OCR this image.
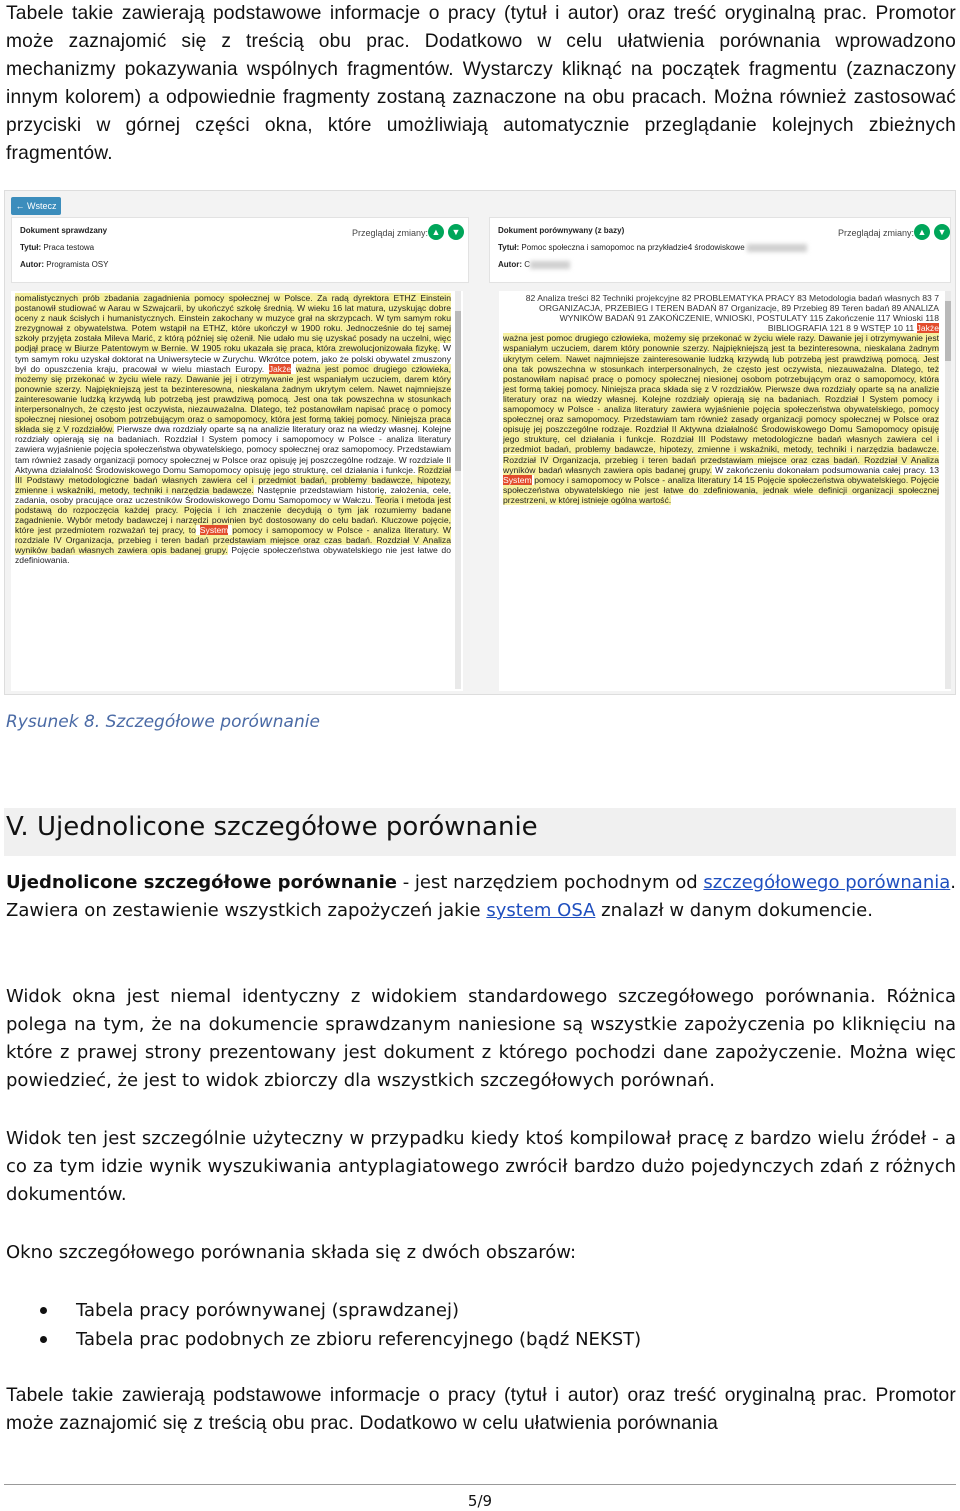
Tabele takie zawierają podstawowe informacje o pracy (tytuł i autor) oraz treść oryginalną prac. Promotor może zaznajomić się z treścią obu prac. Dodatkowo w celu ułatwienia porównania wprowadzono mechanizmy pokazywania wspólnych fragmentów. Wystarczy kliknąć na początek fragmentu (zaznaczony innym kolorem) a odpowiednie fragmenty zostaną zaznaczone na obu pracach. Można również zastosować przyciski w górnej części okna, które umożliwiają automatycznie przeglądanie kolejnych zbieżnych fragmentów.

← Wstecz
Dokument sprawdzany
Tytuł: Praca testowa
Autor: Programista OSY
Przeglądaj zmiany: ▲	▼	Dokument porównywany (z bazy)
Tytuł: Pomoc społeczna i samopomoc na przykładzie4 środowiskowe
Autor: C
Przeglądaj zmiany: ▲	▼
nomalistycznych prób zbadania zagadnienia pomocy społecznej w Polsce. Za radą dyrektora ETHZ Einstein postanowił studiować w Aarau w Szwajcarii, by ukończyć szkołę średnią. W wieku 16 lat matura, uzyskując dobre oceny z nauk ścisłych i humanistycznych. Einstein zakochany w muzyce grał na skrzypcach. W tym samym roku zrezygnował z obywatelstwa. Potem wstąpił na ETHZ, które ukończył w 1900 roku. Jednocześnie do tej samej szkoły przyjęta została Mileva Marić, z którą później się ożenił. Nie udało mu się uzyskać posady na uczelni, więc podjął pracę w Biurze Patentowym w Bernie. W 1905 roku ukazała się praca, która zrewolucjonizowała fizykę. W tym samym roku uzyskał doktorat na Uniwersytecie w Zurychu. Wkrótce potem, jako że polski obywatel zmuszony był do opuszczenia kraju, pracował w wielu miastach Europy. Jakże ważna jest pomoc drugiego człowieka, możemy się przekonać w życiu wiele razy. Dawanie jej i otrzymywanie jest wspaniałym uczuciem, darem który ponownie szerzy. Najpiękniejszą jest ta bezinteresowna, nieskalana żadnym ukrytym celem. Nawet najmniejsze zainteresowanie ludzką krzywdą lub potrzebą jest prawdziwą pomocą. Jest ona tak powszechna w stosunkach interpersonalnych, że często jest oczywista, niezauważalna. Dlatego, też postanowiłam napisać pracę o pomocy społecznej niesionej osobom potrzebującym oraz o samopomocy, która jest formą takiej pomocy. Niniejsza praca składa się z V rozdziałów. Pierwsze dwa rozdziały oparte są na analizie literatury oraz na wiedzy własnej. Kolejne rozdziały opierają się na badaniach. Rozdział I System pomocy i samopomocy w Polsce - analiza literatury zawiera wyjaśnienie pojęcia społeczeństwa obywatelskiego, pomocy społecznej oraz samopomocy. Przedstawiam tam również zasady organizacji pomocy społecznej w Polsce oraz opisuję jej poszczególne rodzaje. W rozdziale II Aktywna działalność Środowiskowego Domu Samopomocy opisuję jego strukturę, cel działania i funkcje. Rozdział III Podstawy metodologiczne badań własnych zawiera cel i przedmiot badań, problemy badawcze, hipotezy, zmienne i wskaźniki, metody, techniki i narzędzia badawcze. Następnie przedstawiam historię, założenia, cele, zadania, osoby pracujące oraz uczestników Środowiskowego Domu Samopomocy w Wałczu. Teoria i metoda jest podstawą do rozpoczęcia każdej pracy. Pojęcia i ich znaczenie decydują o tym jak rozumiemy badane zagadnienie. Wybór metody badawczej i narzędzi powinien być dostosowany do celu badań. Kluczowe pojęcie, które jest przedmiotem rozważań tej pracy, to System pomocy i samopomocy w Polsce - analiza literatury. W rozdziale IV Organizacja, przebieg i teren badań przedstawiam miejsce oraz czas badań. Rozdział V Analiza wyników badań własnych zawiera opis badanej grupy. Pojęcie społeczeństwa obywatelskiego nie jest łatwe do zdefiniowania.
82 Analiza treści 82 Techniki projekcyjne 82 PROBLEMATYKA PRACY 83 Metodologia badań własnych 83 7 ORGANIZACJA, PRZEBIEG I TEREN BADAŃ 87 Organizacje, 89 Przebieg 89 Teren badań 89 ANALIZA WYNIKÓW BADAŃ 91 ZAKOŃCZENIE, WNIOSKI, POSTULATY 115 Zakończenie 117 Wnioski 118 BIBLIOGRAFIA 121 8 9 WSTĘP 10 11 Jakże
ważna jest pomoc drugiego człowieka, możemy się przekonać w życiu wiele razy. Dawanie jej i otrzymywanie jest wspaniałym uczuciem, darem który ponownie szerzy. Najpiękniejszą jest ta bezinteresowna, nieskalana żadnym ukrytym celem. Nawet najmniejsze zainteresowanie ludzką krzywdą lub potrzebą jest prawdziwą pomocą. Jest ona tak powszechna w stosunkach interpersonalnych, że często jest oczywista, niezauważalna. Dlatego, też postanowiłam napisać pracę o pomocy społecznej niesionej osobom potrzebującym oraz o samopomocy, która jest formą takiej pomocy. Niniejsza praca składa się z V rozdziałów. Pierwsze dwa rozdziały oparte są na analizie literatury oraz na wiedzy własnej. Kolejne rozdziały opierają się na badaniach. Rozdział I System pomocy i samopomocy w Polsce - analiza literatury zawiera wyjaśnienie pojęcia społeczeństwa obywatelskiego, pomocy społecznej oraz samopomocy. Przedstawiam tam również zasady organizacji pomocy społecznej w Polsce oraz opisuję jej poszczególne rodzaje. Rozdział II Aktywna działalność Środowiskowego Domu Samopomocy opisuję jego strukturę, cel działania i funkcje. Rozdział III Podstawy metodologiczne badań własnych zawiera cel i przedmiot badań, problemy badawcze, hipotezy, zmienne i wskaźniki, metody, techniki i narzędzia badawcze. Rozdział IV Organizacja, przebieg i teren badań przedstawiam miejsce oraz czas badań. Rozdział V Analiza wyników badań własnych zawiera opis badanej grupy. W zakończeniu dokonałam podsumowania całej pracy. 13 System pomocy i samopomocy w Polsce - analiza literatury 14 15 Pojęcie społeczeństwa obywatelskiego. Pojęcie społeczeństwa obywatelskiego nie jest łatwe do zdefiniowania, jednak wiele definicji organizacji społecznej przestrzeni, w której istnieje ogólna wartość.
Rysunek 8. Szczegółowe porównanie
V. Ujednolicone szczegółowe porównanie

Ujednolicone szczegółowe porównanie - jest narzędziem pochodnym od szczegółowego porównania. Zawiera on zestawienie wszystkich zapożyczeń jakie system OSA znalazł w danym dokumencie.

Widok okna jest niemal identyczny z widokiem standardowego szczegółowego porównania. Różnica polega na tym, że na dokumencie sprawdzanym naniesione są wszystkie zapożyczenia po kliknięciu na które z prawej strony prezentowany jest dokument z którego pochodzi dane zapożyczenie. Można więc powiedzieć, że jest to widok zbiorczy dla wszystkich szczegółowych porównań.

Widok ten jest szczególnie użyteczny w przypadku kiedy ktoś kompilował pracę z bardzo wielu źródeł - a co za tym idzie wynik wyszukiwania antyplagiatowego zwrócił bardzo dużo pojedynczych zdań z różnych dokumentów.

Okno szczegółowego porównania składa się z dwóch obszarów:

Tabela pracy porównywanej (sprawdzanej)
Tabela prac podobnych ze zbioru referencyjnego (bądź NEKST)

Tabele takie zawierają podstawowe informacje o pracy (tytuł i autor) oraz treść oryginalną prac. Promotor może zaznajomić się z treścią obu prac. Dodatkowo w celu ułatwienia porównania

5/9
